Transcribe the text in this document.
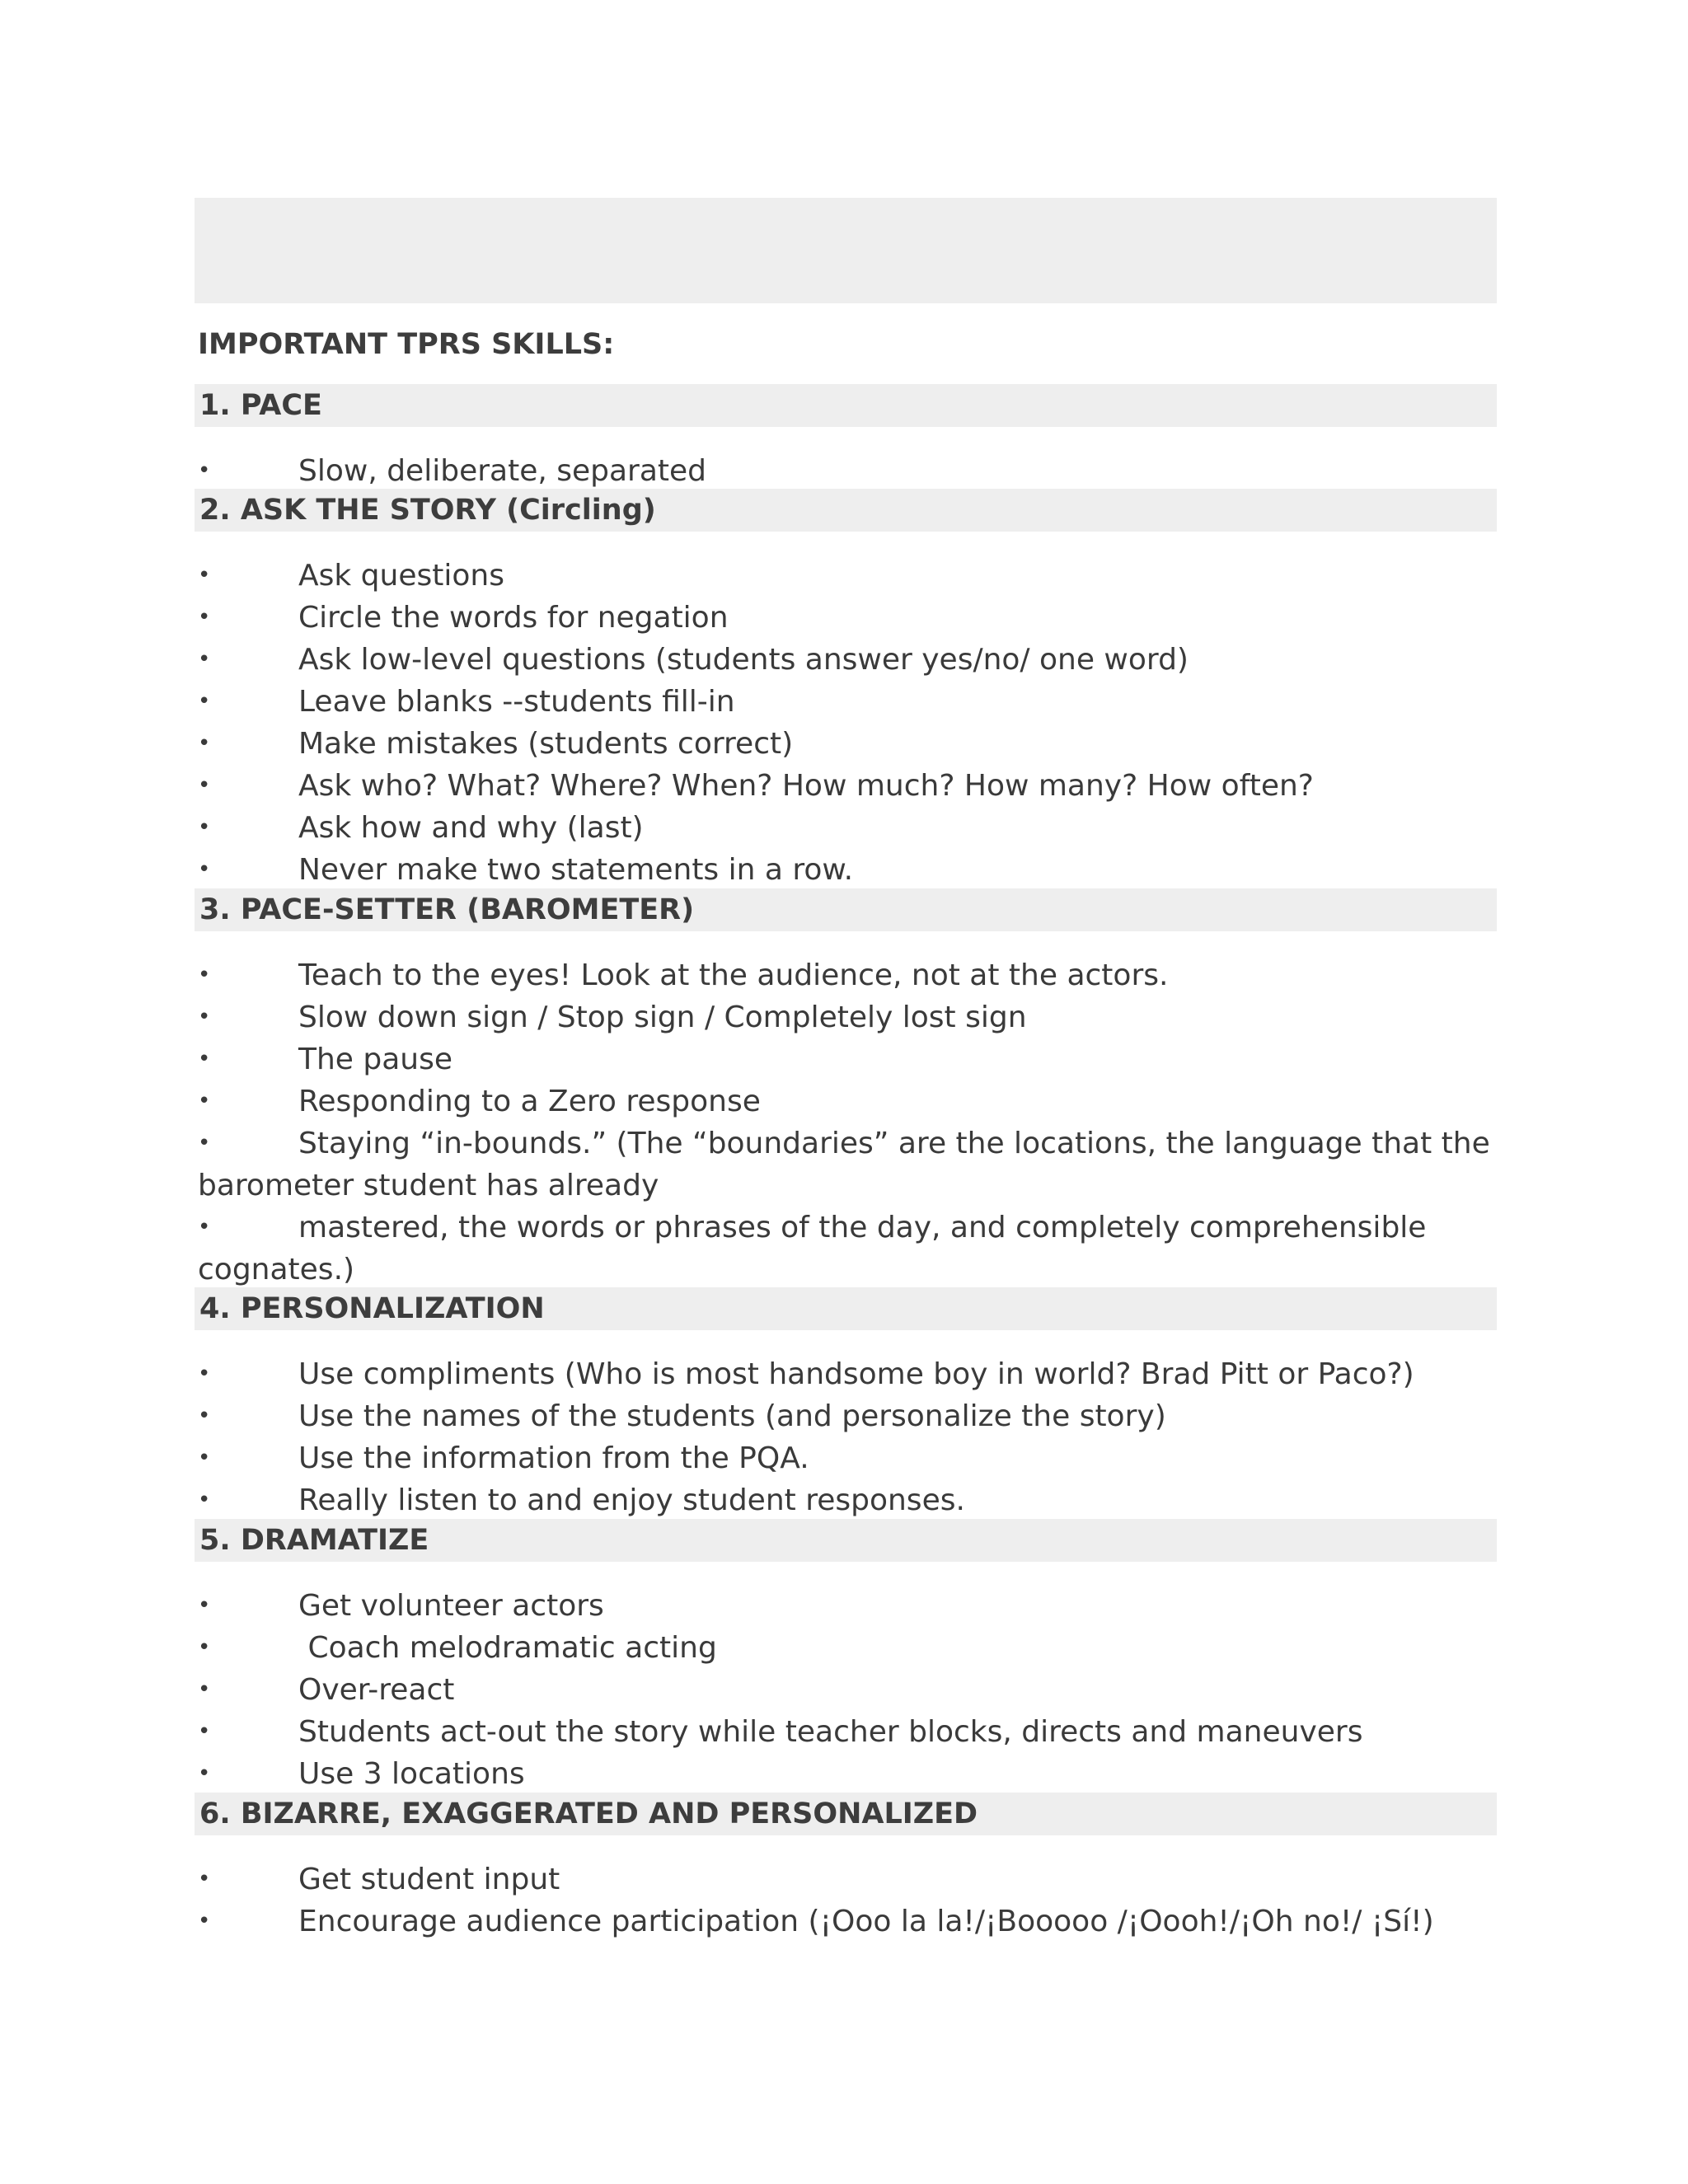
IMPORTANT TPRS SKILLS:
1. PACE
•	Slow, deliberate, separated
2. ASK THE STORY (Circling)
•	Ask questions
•	Circle the words for negation
•	Ask low-level questions (students answer yes/no/ one word)
•	Leave blanks --students fill-in
•	Make mistakes (students correct)
•	Ask who? What? Where? When? How much? How many? How often?
•	Ask how and why (last)
•	Never make two statements in a row.
3. PACE-SETTER (BAROMETER)
•	Teach to the eyes! Look at the audience, not at the actors.
•	Slow down sign / Stop sign / Completely lost sign
•	The pause
•	Responding to a Zero response
•	Staying “in-bounds.” (The “boundaries” are the locations, the language that the
barometer student has already
•	mastered, the words or phrases of the day, and completely comprehensible
cognates.)
4. PERSONALIZATION
•	Use compliments (Who is most handsome boy in world? Brad Pitt or Paco?)
•	Use the names of the students (and personalize the story)
•	Use the information from the PQA.
•	Really listen to and enjoy student responses.
5. DRAMATIZE
•	Get volunteer actors
•	Coach melodramatic acting
•	Over-react
•	Students act-out the story while teacher blocks, directs and maneuvers
•	Use 3 locations
6. BIZARRE, EXAGGERATED AND PERSONALIZED
•	Get student input
•	Encourage audience participation (¡Ooo la la!/¡Booooo /¡Oooh!/¡Oh no!/ ¡Sí!)
